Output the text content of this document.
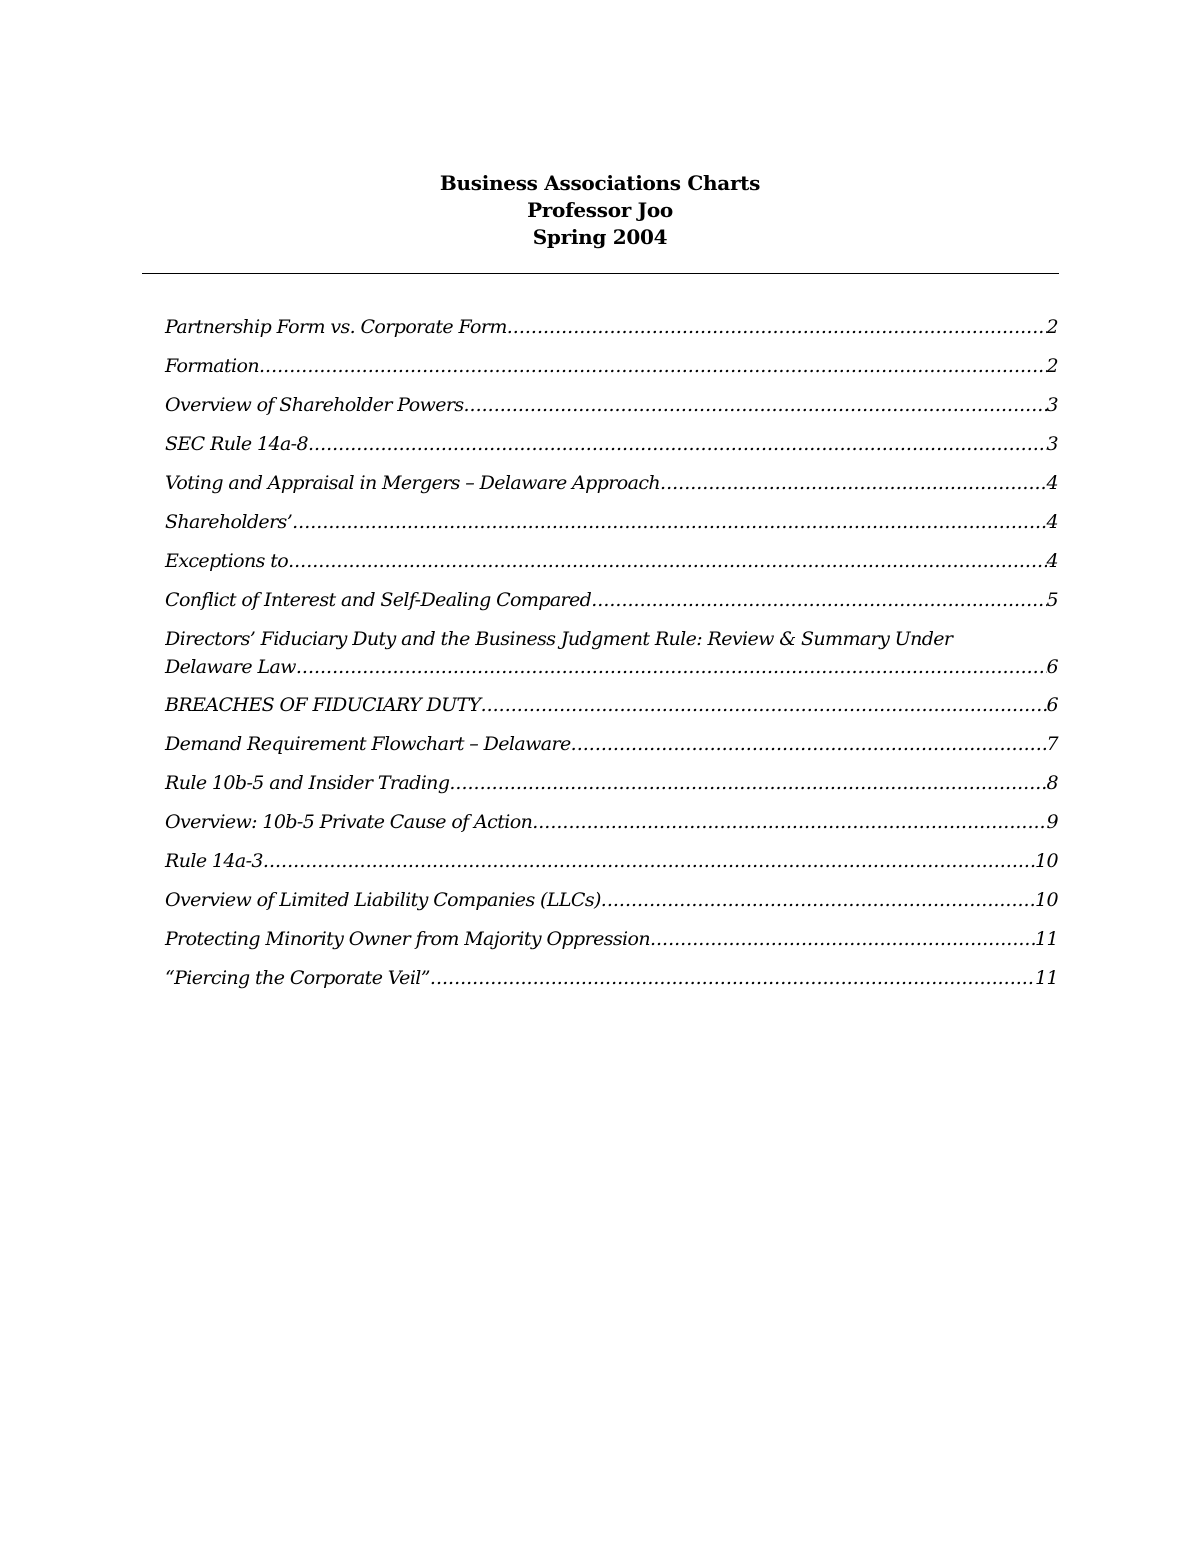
Business Associations Charts
Professor Joo
Spring 2004
Partnership Form vs. Corporate Form .....	2
Formation .....	2
Overview of Shareholder Powers .....	3
SEC Rule 14a-8 .....	3
Voting and Appraisal in Mergers – Delaware Approach .....	4
Shareholders’ .....	4
Exceptions to .....	4
Conflict of Interest and Self-Dealing Compared .....	5
Directors’ Fiduciary Duty and the Business Judgment Rule: Review & Summary Under
Delaware Law .....	6
BREACHES OF FIDUCIARY DUTY .....	6
Demand Requirement Flowchart – Delaware .....	7
Rule 10b-5 and Insider Trading .....	8
Overview: 10b-5 Private Cause of Action .....	9
Rule 14a-3 .....	10
Overview of Limited Liability Companies (LLCs) .....	10
Protecting Minority Owner from Majority Oppression .....	11
“Piercing the Corporate Veil” .....	11
